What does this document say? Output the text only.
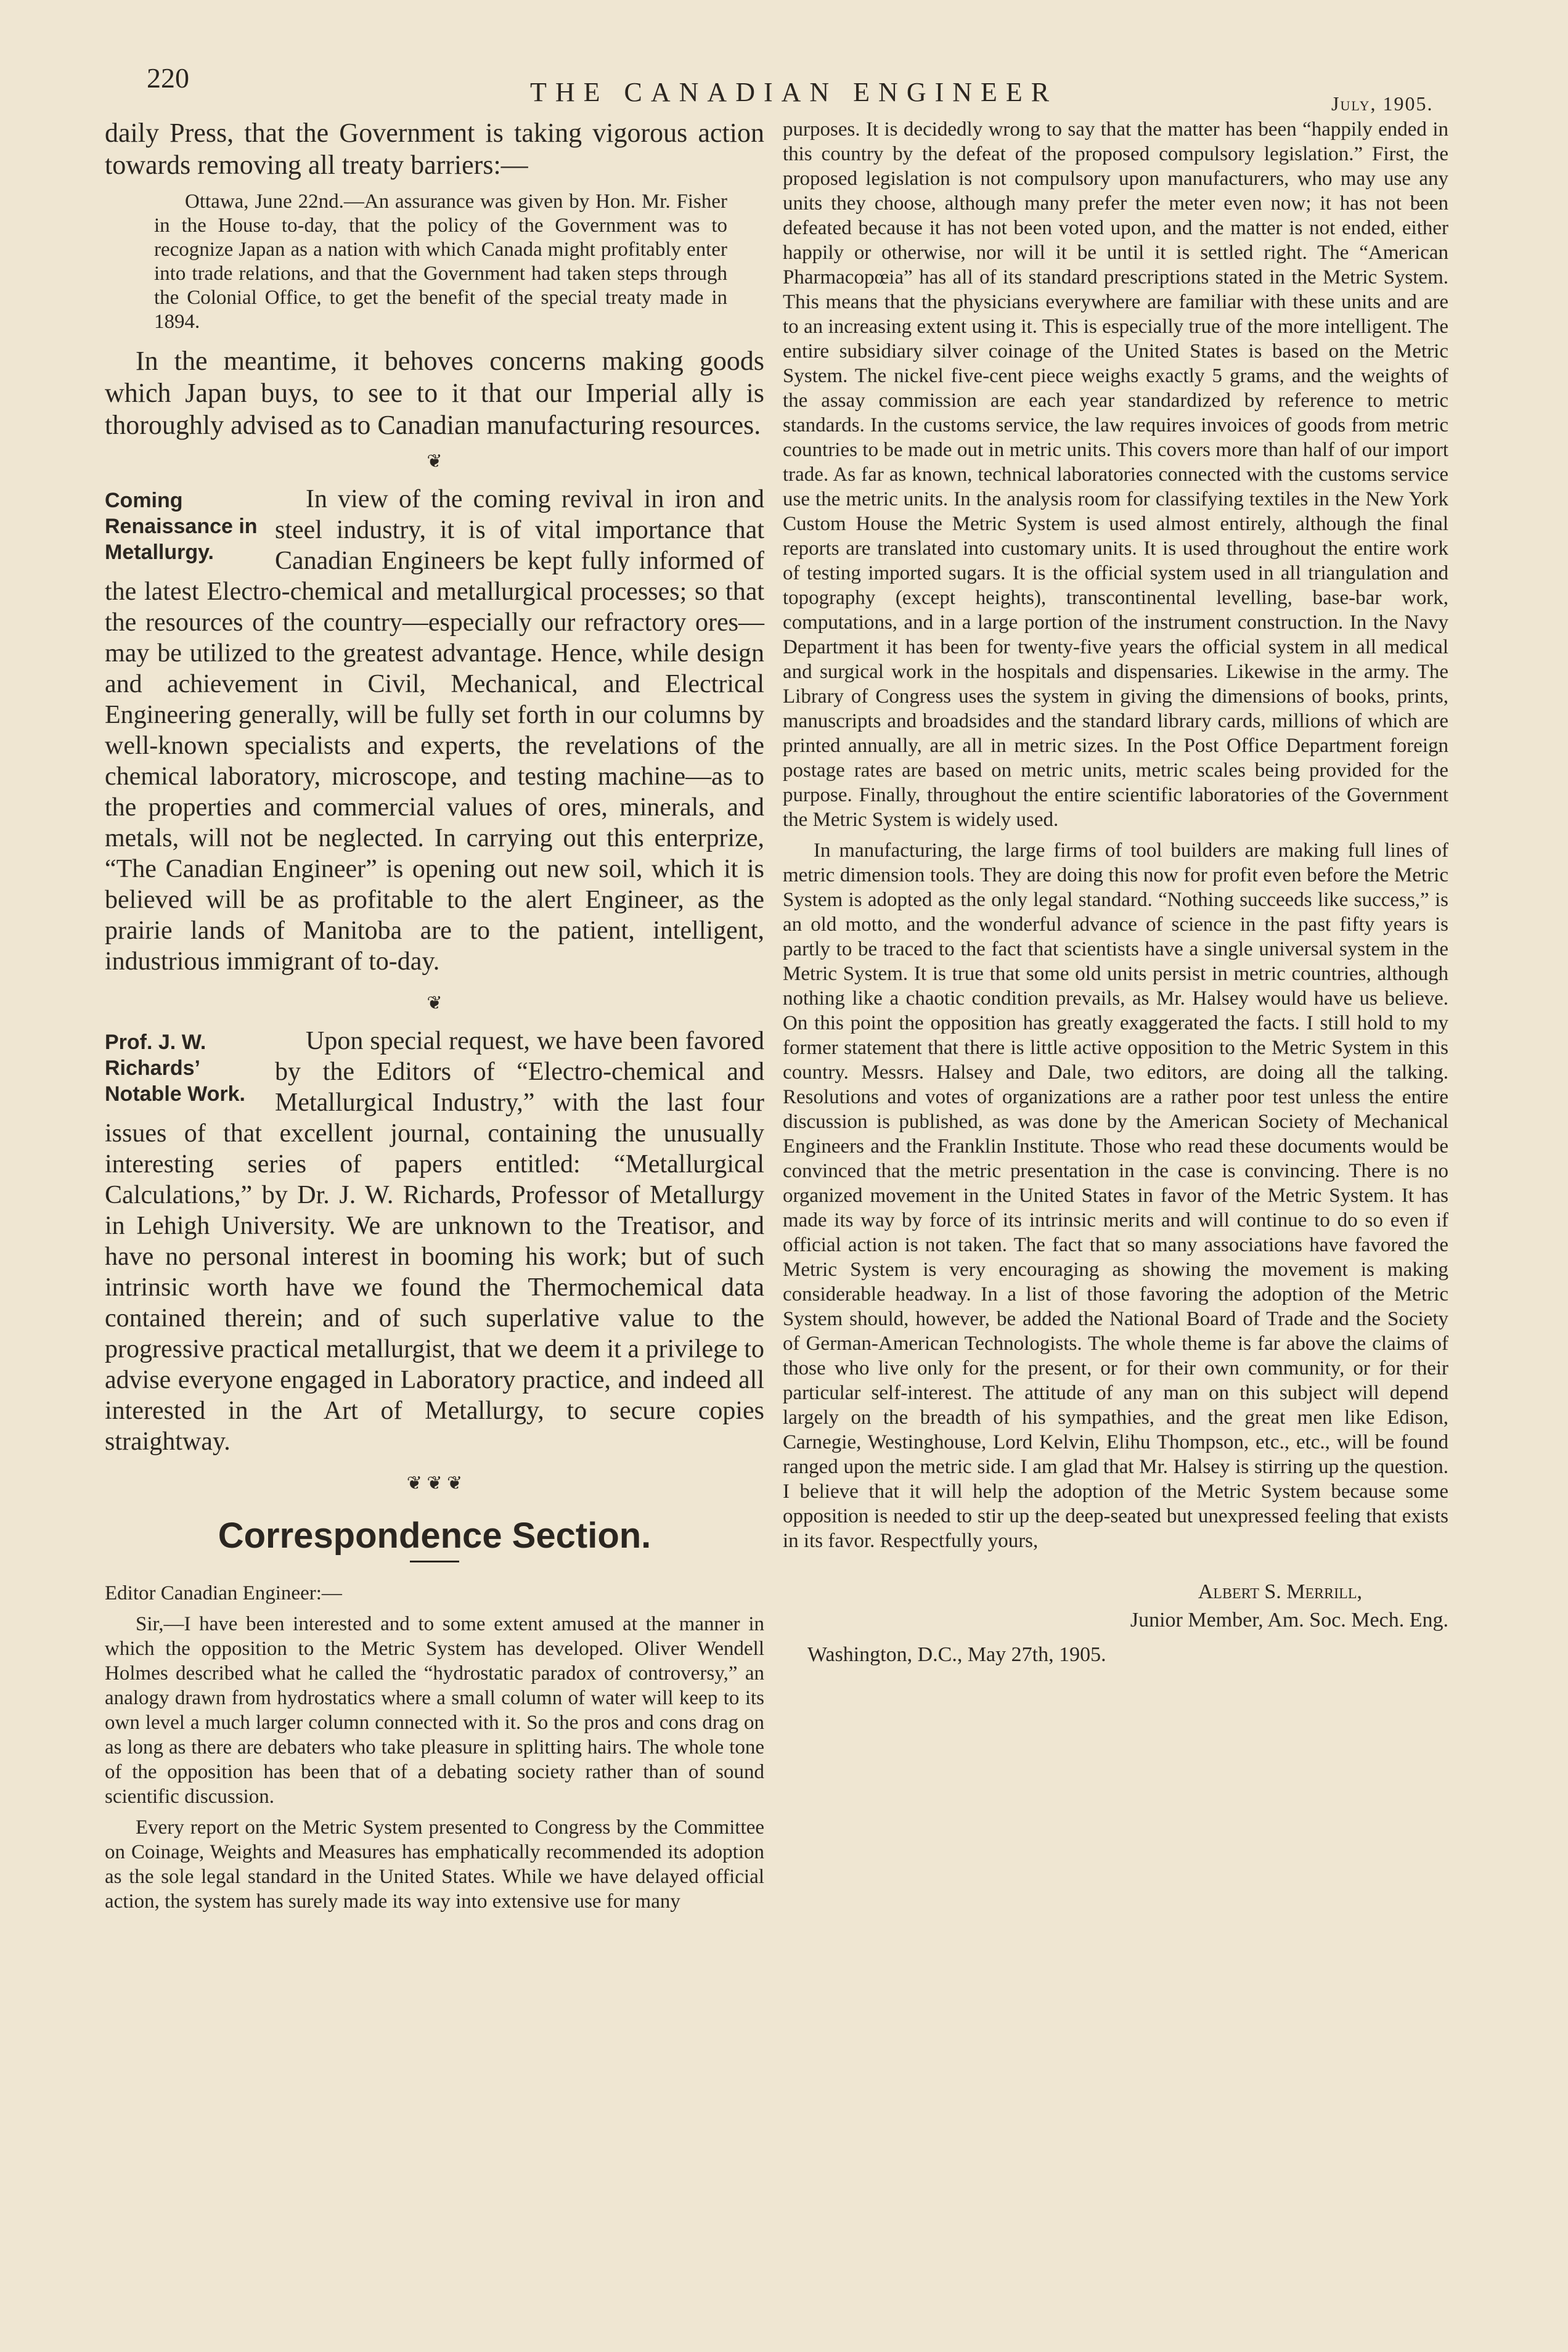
220	THE CANADIAN ENGINEER	July, 1905.

daily Press, that the Government is taking vigorous action towards removing all treaty barriers:—

Ottawa, June 22nd.—An assurance was given by Hon. Mr. Fisher in the House to-day, that the policy of the Government was to recognize Japan as a nation with which Canada might profitably enter into trade relations, and that the Government had taken steps through the Colonial Office, to get the benefit of the special treaty made in 1894.

In the meantime, it behoves concerns making goods which Japan buys, to see to it that our Imperial ally is thoroughly advised as to Canadian manufacturing resources.

❦
Coming Renaissance in Metallurgy.

In view of the coming revival in iron and steel industry, it is of vital importance that Canadian Engineers be kept fully informed of the latest Electro-chemical and metallurgical processes; so that the resources of the country—especially our refractory ores—may be utilized to the greatest advantage. Hence, while design and achievement in Civil, Mechanical, and Electrical Engineering generally, will be fully set forth in our columns by well-known specialists and experts, the revelations of the chemical laboratory, microscope, and testing machine—as to the properties and commercial values of ores, minerals, and metals, will not be neglected. In carrying out this enterprize, “The Canadian Engineer” is opening out new soil, which it is believed will be as profitable to the alert Engineer, as the prairie lands of Manitoba are to the patient, intelligent, industrious immigrant of to-day.

❦
Prof. J. W. Richards’ Notable Work.

Upon special request, we have been favored by the Editors of “Electro-chemical and Metallurgical Industry,” with the last four issues of that excellent journal, containing the unusually interesting series of papers entitled: “Metallurgical Calculations,” by Dr. J. W. Richards, Professor of Metallurgy in Lehigh University. We are unknown to the Treatisor, and have no personal interest in booming his work; but of such intrinsic worth have we found the Thermochemical data contained therein; and of such superlative value to the progressive practical metallurgist, that we deem it a privilege to advise everyone engaged in Laboratory practice, and indeed all interested in the Art of Metallurgy, to secure copies straightway.

❦ ❦ ❦
Correspondence Section.

Editor Canadian Engineer:—

Sir,—I have been interested and to some extent amused at the manner in which the opposition to the Metric System has developed. Oliver Wendell Holmes described what he called the “hydrostatic paradox of controversy,” an analogy drawn from hydrostatics where a small column of water will keep to its own level a much larger column connected with it. So the pros and cons drag on as long as there are debaters who take pleasure in splitting hairs. The whole tone of the opposition has been that of a debating society rather than of sound scientific discussion.

Every report on the Metric System presented to Congress by the Committee on Coinage, Weights and Measures has emphatically recommended its adoption as the sole legal standard in the United States. While we have delayed official action, the system has surely made its way into extensive use for many

purposes. It is decidedly wrong to say that the matter has been “happily ended in this country by the defeat of the proposed compulsory legislation.” First, the proposed legislation is not compulsory upon manufacturers, who may use any units they choose, although many prefer the meter even now; it has not been defeated because it has not been voted upon, and the matter is not ended, either happily or otherwise, nor will it be until it is settled right. The “American Pharmacopœia” has all of its standard prescriptions stated in the Metric System. This means that the physicians everywhere are familiar with these units and are to an increasing extent using it. This is especially true of the more intelligent. The entire subsidiary silver coinage of the United States is based on the Metric System. The nickel five-cent piece weighs exactly 5 grams, and the weights of the assay commission are each year standardized by reference to metric standards. In the customs service, the law requires invoices of goods from metric countries to be made out in metric units. This covers more than half of our import trade. As far as known, technical laboratories connected with the customs service use the metric units. In the analysis room for classifying textiles in the New York Custom House the Metric System is used almost entirely, although the final reports are translated into customary units. It is used throughout the entire work of testing imported sugars. It is the official system used in all triangulation and topography (except heights), transcontinental levelling, base-bar work, computations, and in a large portion of the instrument construction. In the Navy Department it has been for twenty-five years the official system in all medical and surgical work in the hospitals and dispensaries. Likewise in the army. The Library of Congress uses the system in giving the dimensions of books, prints, manuscripts and broadsides and the standard library cards, millions of which are printed annually, are all in metric sizes. In the Post Office Department foreign postage rates are based on metric units, metric scales being provided for the purpose. Finally, throughout the entire scientific laboratories of the Government the Metric System is widely used.

In manufacturing, the large firms of tool builders are making full lines of metric dimension tools. They are doing this now for profit even before the Metric System is adopted as the only legal standard. “Nothing succeeds like success,” is an old motto, and the wonderful advance of science in the past fifty years is partly to be traced to the fact that scientists have a single universal system in the Metric System. It is true that some old units persist in metric countries, although nothing like a chaotic condition prevails, as Mr. Halsey would have us believe. On this point the opposition has greatly exaggerated the facts. I still hold to my former statement that there is little active opposition to the Metric System in this country. Messrs. Halsey and Dale, two editors, are doing all the talking. Resolutions and votes of organizations are a rather poor test unless the entire discussion is published, as was done by the American Society of Mechanical Engineers and the Franklin Institute. Those who read these documents would be convinced that the metric presentation in the case is convincing. There is no organized movement in the United States in favor of the Metric System. It has made its way by force of its intrinsic merits and will continue to do so even if official action is not taken. The fact that so many associations have favored the Metric System is very encouraging as showing the movement is making considerable headway. In a list of those favoring the adoption of the Metric System should, however, be added the National Board of Trade and the Society of German-American Technologists. The whole theme is far above the claims of those who live only for the present, or for their own community, or for their particular self-interest. The attitude of any man on this subject will depend largely on the breadth of his sympathies, and the great men like Edison, Carnegie, Westinghouse, Lord Kelvin, Elihu Thompson, etc., etc., will be found ranged upon the metric side. I am glad that Mr. Halsey is stirring up the question. I believe that it will help the adoption of the Metric System because some opposition is needed to stir up the deep-seated but unexpressed feeling that exists in its favor. Respectfully yours,

Albert S. Merrill,
Junior Member, Am. Soc. Mech. Eng.
Washington, D.C., May 27th, 1905.
